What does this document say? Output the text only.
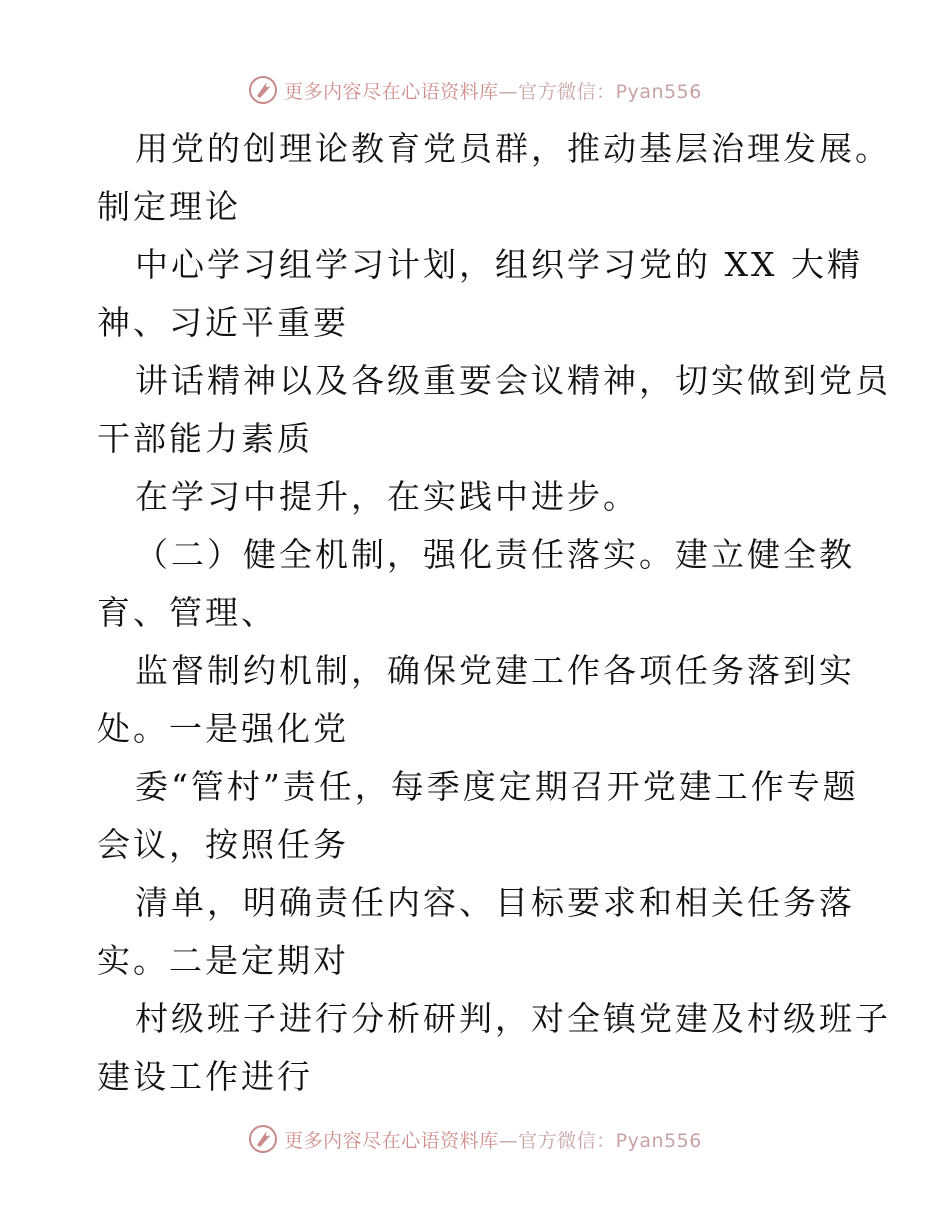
更多内容尽在心语资料库—官方微信：Pyan556
用党的创理论教育党员群，推动基层治理发展。
制定理论
中心学习组学习计划，组织学习党的 XX 大精
神、习近平重要
讲话精神以及各级重要会议精神，切实做到党员
干部能力素质
在学习中提升，在实践中进步。
（二）健全机制，强化责任落实。建立健全教
育、管理、
监督制约机制，确保党建工作各项任务落到实
处。一是强化党
委“管村”责任，每季度定期召开党建工作专题
会议，按照任务
清单，明确责任内容、目标要求和相关任务落
实。二是定期对
村级班子进行分析研判，对全镇党建及村级班子
建设工作进行
更多内容尽在心语资料库—官方微信：Pyan556
